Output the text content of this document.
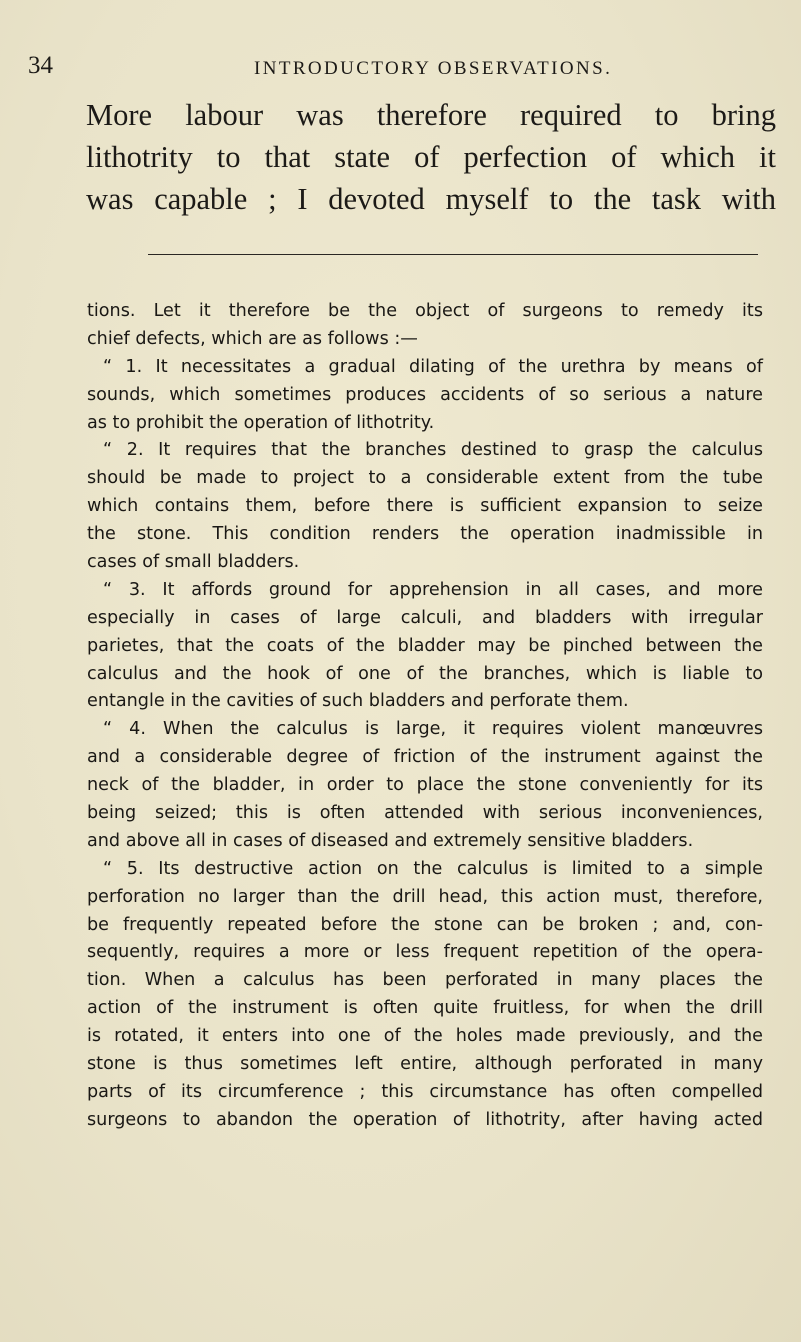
34	INTRODUCTORY OBSERVATIONS.
More labour was therefore required to bring
lithotrity to that state of perfection of which it
was capable ; I devoted myself to the task with
tions. Let it therefore be the object of surgeons to remedy its
chief defects, which are as follows :—
“ 1. It necessitates a gradual dilating of the urethra by means of
sounds, which sometimes produces accidents of so serious a nature
as to prohibit the operation of lithotrity.
“ 2. It requires that the branches destined to grasp the calculus
should be made to project to a considerable extent from the tube
which contains them, before there is sufficient expansion to seize
the stone. This condition renders the operation inadmissible in
cases of small bladders.
“ 3. It affords ground for apprehension in all cases, and more
especially in cases of large calculi, and bladders with irregular
parietes, that the coats of the bladder may be pinched between the
calculus and the hook of one of the branches, which is liable to
entangle in the cavities of such bladders and perforate them.
“ 4. When the calculus is large, it requires violent manœuvres
and a considerable degree of friction of the instrument against the
neck of the bladder, in order to place the stone conveniently for its
being seized; this is often attended with serious inconveniences,
and above all in cases of diseased and extremely sensitive bladders.
“ 5. Its destructive action on the calculus is limited to a simple
perforation no larger than the drill head, this action must, therefore,
be frequently repeated before the stone can be broken ; and, con-
sequently, requires a more or less frequent repetition of the opera-
tion. When a calculus has been perforated in many places the
action of the instrument is often quite fruitless, for when the drill
is rotated, it enters into one of the holes made previously, and the
stone is thus sometimes left entire, although perforated in many
parts of its circumference ; this circumstance has often compelled
surgeons to abandon the operation of lithotrity, after having acted
